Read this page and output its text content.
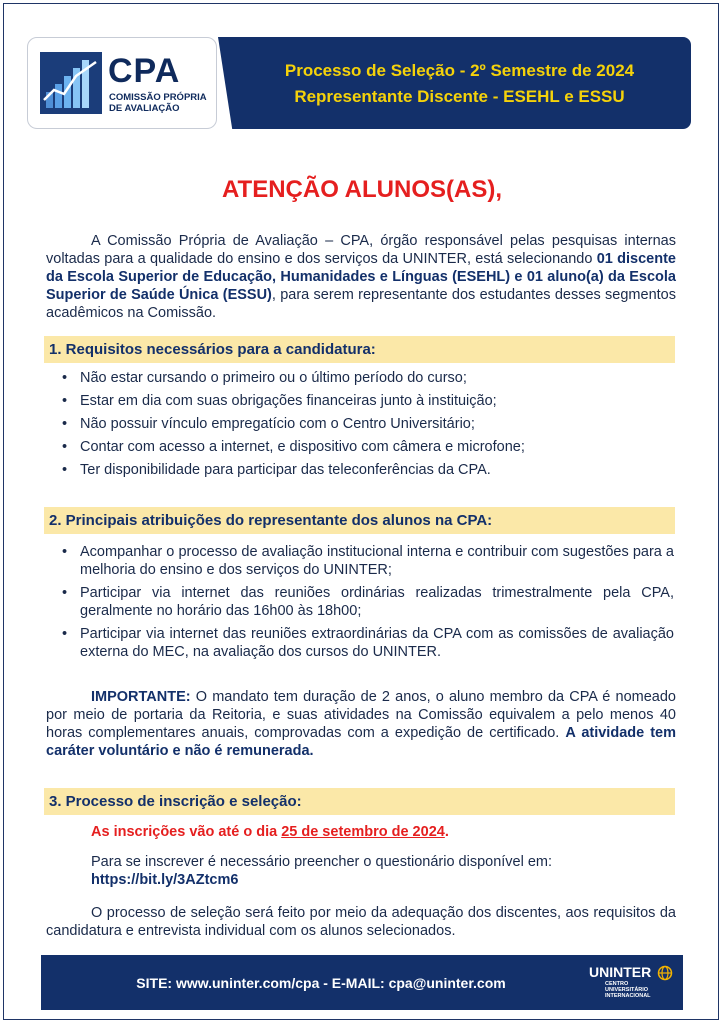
CPA
COMISSÃO PRÓPRIA
DE AVALIAÇÃO
Processo de Seleção - 2º Semestre de 2024
Representante Discente - ESEHL e ESSU
ATENÇÃO ALUNOS(AS),
A Comissão Própria de Avaliação – CPA, órgão responsável pelas pesquisas internas voltadas para a qualidade do ensino e dos serviços da UNINTER, está selecionando 01 discente da Escola Superior de Educação, Humanidades e Línguas (ESEHL) e 01 aluno(a) da Escola Superior de Saúde Única (ESSU), para serem representante dos estudantes desses segmentos acadêmicos na Comissão.
1. Requisitos necessários para a candidatura:
• Não estar cursando o primeiro ou o último período do curso;
• Estar em dia com suas obrigações financeiras junto à instituição;
• Não possuir vínculo empregatício com o Centro Universitário;
• Contar com acesso a internet, e dispositivo com câmera e microfone;
• Ter disponibilidade para participar das teleconferências da CPA.
2. Principais atribuições do representante dos alunos na CPA:
• Acompanhar o processo de avaliação institucional interna e contribuir com sugestões para a melhoria do ensino e dos serviços do UNINTER;
• Participar via internet das reuniões ordinárias realizadas trimestralmente pela CPA, geralmente no horário das 16h00 às 18h00;
• Participar via internet das reuniões extraordinárias da CPA com as comissões de avaliação externa do MEC, na avaliação dos cursos do UNINTER.
IMPORTANTE: O mandato tem duração de 2 anos, o aluno membro da CPA é nomeado por meio de portaria da Reitoria, e suas atividades na Comissão equivalem a pelo menos 40 horas complementares anuais, comprovadas com a expedição de certificado. A atividade tem caráter voluntário e não é remunerada.
3. Processo de inscrição e seleção:
As inscrições vão até o dia 25 de setembro de 2024.
Para se inscrever é necessário preencher o questionário disponível em:
https://bit.ly/3AZtcm6
O processo de seleção será feito por meio da adequação dos discentes, aos requisitos da candidatura e entrevista individual com os alunos selecionados.
SITE: www.uninter.com/cpa - E-MAIL: cpa@uninter.com
UNINTER
CENTRO
UNIVERSITÁRIO
INTERNACIONAL
